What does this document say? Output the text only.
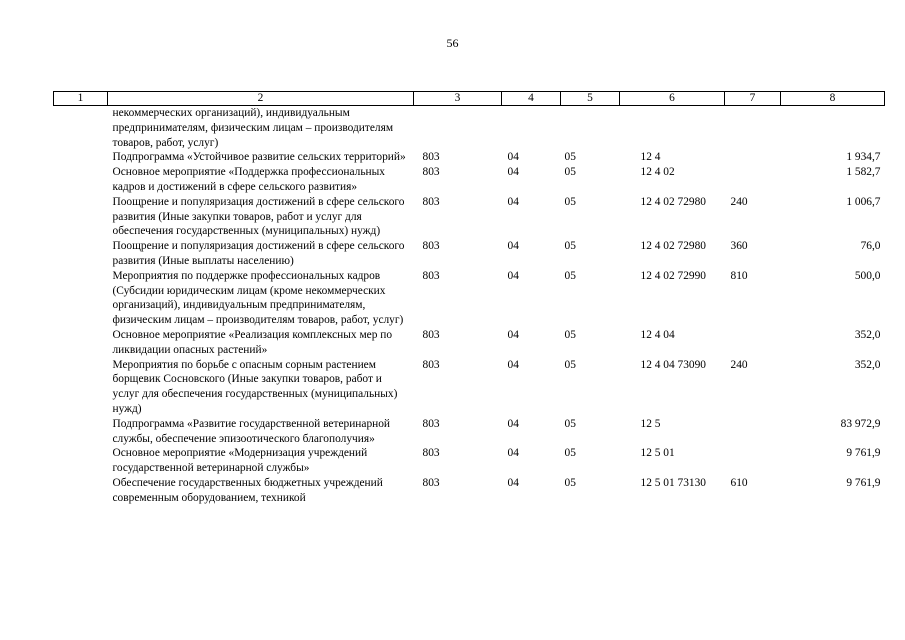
56
1	2	3	4	5	6	7	8
	некоммерческих организаций), индивидуальным предпринимателям, физическим лицам – производителям товаров, работ, услуг)						
	Подпрограмма «Устойчивое развитие сельских территорий»	803	04	05	12 4		1 934,7
	Основное мероприятие «Поддержка профессиональных кадров и достижений в сфере сельского развития»	803	04	05	12 4 02		1 582,7
	Поощрение и популяризация достижений в сфере сельского развития (Иные закупки товаров, работ и услуг для обеспечения государственных (муниципальных) нужд)	803	04	05	12 4 02 72980	240	1 006,7
	Поощрение и популяризация достижений в сфере сельского развития (Иные выплаты населению)	803	04	05	12 4 02 72980	360	76,0
	Мероприятия по поддержке профессиональных кадров (Субсидии юридическим лицам (кроме некоммерческих организаций), индивидуальным предпринимателям, физическим лицам – производителям товаров, работ, услуг)	803	04	05	12 4 02 72990	810	500,0
	Основное мероприятие «Реализация комплексных мер по ликвидации опасных растений»	803	04	05	12 4 04		352,0
	Мероприятия по борьбе с опасным сорным растением борщевик Сосновского (Иные закупки товаров, работ и услуг для обеспечения государственных (муниципальных) нужд)	803	04	05	12 4 04 73090	240	352,0
	Подпрограмма «Развитие государственной ветеринарной службы, обеспечение эпизоотического благополучия»	803	04	05	12 5		83 972,9
	Основное мероприятие «Модернизация учреждений государственной ветеринарной службы»	803	04	05	12 5 01		9 761,9
	Обеспечение государственных бюджетных учреждений современным оборудованием, техникой	803	04	05	12 5 01 73130	610	9 761,9
